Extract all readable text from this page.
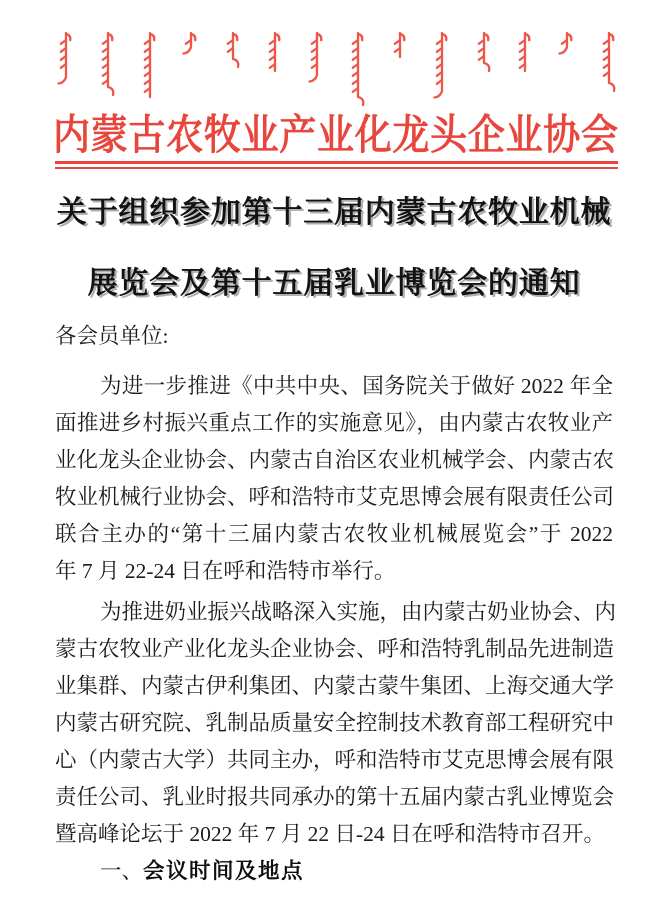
内蒙古农牧业产业化龙头企业协会
关于组织参加第十三届内蒙古农牧业机械
展览会及第十五届乳业博览会的通知
各会员单位:
为进一步推进《中共中央、国务院关于做好 2022 年全
面推进乡村振兴重点工作的实施意见》，由内蒙古农牧业产
业化龙头企业协会、内蒙古自治区农业机械学会、内蒙古农
牧业机械行业协会、呼和浩特市艾克思博会展有限责任公司
联合主办的“第十三届内蒙古农牧业机械展览会”于 2022
年 7 月 22-24 日在呼和浩特市举行。
为推进奶业振兴战略深入实施，由内蒙古奶业协会、内
蒙古农牧业产业化龙头企业协会、呼和浩特乳制品先进制造
业集群、内蒙古伊利集团、内蒙古蒙牛集团、上海交通大学
内蒙古研究院、乳制品质量安全控制技术教育部工程研究中
心（内蒙古大学）共同主办，呼和浩特市艾克思博会展有限
责任公司、乳业时报共同承办的第十五届内蒙古乳业博览会
暨高峰论坛于 2022 年 7 月 22 日-24 日在呼和浩特市召开。
一、会议时间及地点
